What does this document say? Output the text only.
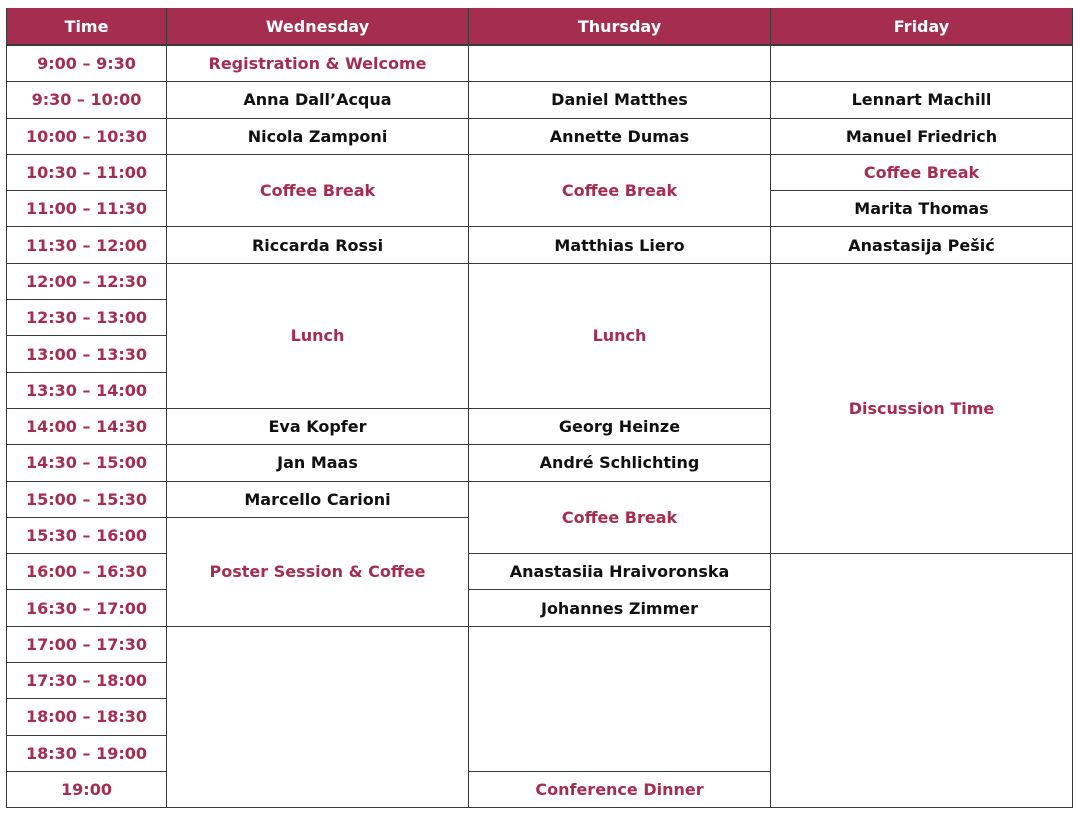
Time	Wednesday	Thursday	Friday
9:00 – 9:30	Registration & Welcome		
9:30 – 10:00	Anna Dall’Acqua	Daniel Matthes	Lennart Machill
10:00 – 10:30	Nicola Zamponi	Annette Dumas	Manuel Friedrich
10:30 – 11:00	Coffee Break	Coffee Break	Coffee Break
11:00 – 11:30			Marita Thomas
11:30 – 12:00	Riccarda Rossi	Matthias Liero	Anastasija Pešić
12:00 – 12:30	Lunch	Lunch	Discussion Time
12:30 – 13:00			
13:00 – 13:30			
13:30 – 14:00			
14:00 – 14:30	Eva Kopfer	Georg Heinze	
14:30 – 15:00	Jan Maas	André Schlichting	
15:00 – 15:30	Marcello Carioni	Coffee Break	
15:30 – 16:00	Poster Session & Coffee		
16:00 – 16:30		Anastasiia Hraivoronska	
16:30 – 17:00		Johannes Zimmer	
17:00 – 17:30			
17:30 – 18:00			
18:00 – 18:30			
18:30 – 19:00			
19:00		Conference Dinner	
